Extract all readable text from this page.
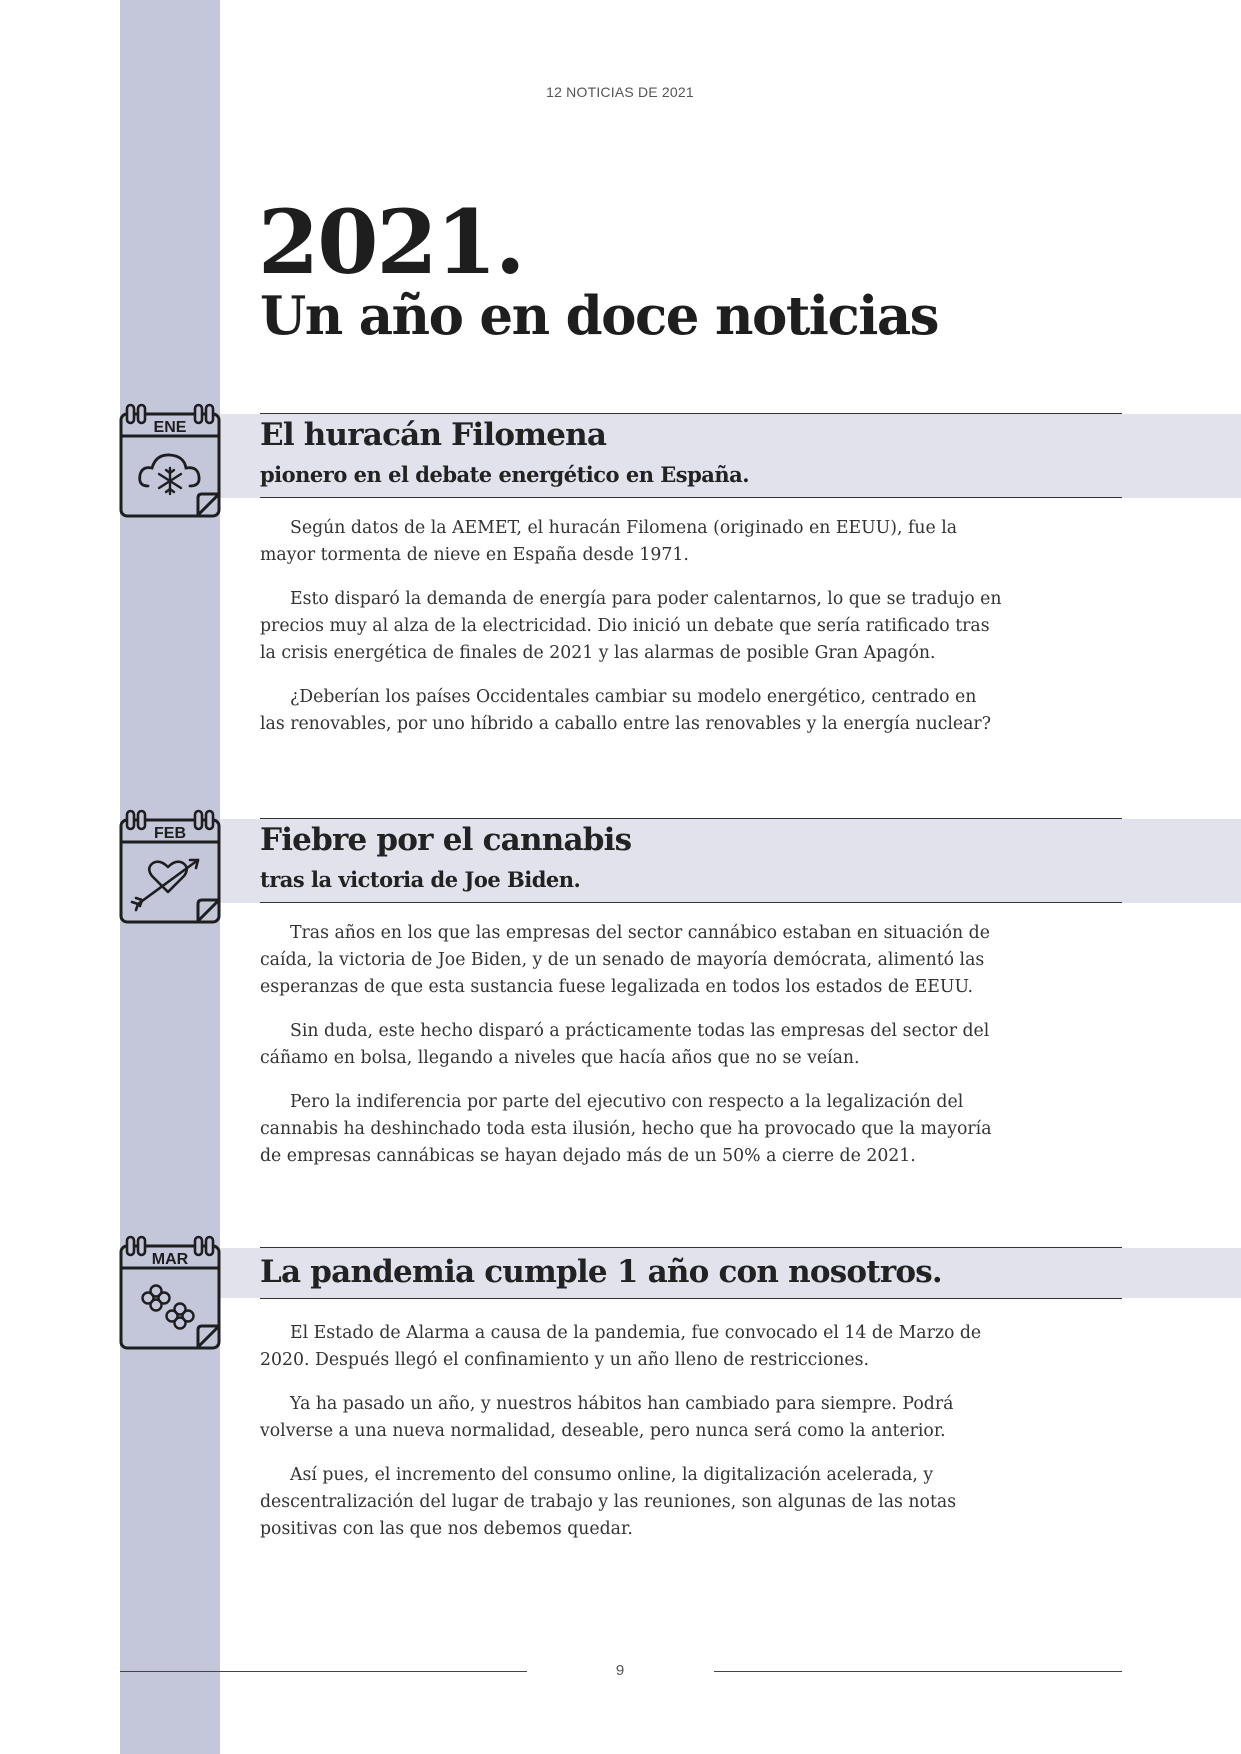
12 NOTICIAS DE 2021
2021.
Un año en doce noticias
El huracán Filomena
pionero en el debate energético en España.
ENE

Según datos de la AEMET, el huracán Filomena (originado en EEUU), fue la mayor tormenta de nieve en España desde 1971.

Esto disparó la demanda de energía para poder calentarnos, lo que se tradujo en precios muy al alza de la electricidad. Dio inició un debate que sería ratificado tras la crisis energética de finales de 2021 y las alarmas de posible Gran Apagón.

¿Deberían los países Occidentales cambiar su modelo energético, centrado en las renovables, por uno híbrido a caballo entre las renovables y la energía nuclear?

Fiebre por el cannabis
tras la victoria de Joe Biden.
FEB

Tras años en los que las empresas del sector cannábico estaban en situación de caída, la victoria de Joe Biden, y de un senado de mayoría demócrata, alimentó las esperanzas de que esta sustancia fuese legalizada en todos los estados de EEUU.

Sin duda, este hecho disparó a prácticamente todas las empresas del sector del cáñamo en bolsa, llegando a niveles que hacía años que no se veían.

Pero la indiferencia por parte del ejecutivo con respecto a la legalización del cannabis ha deshinchado toda esta ilusión, hecho que ha provocado que la mayoría de empresas cannábicas se hayan dejado más de un 50% a cierre de 2021.

La pandemia cumple 1 año con nosotros.
MAR

El Estado de Alarma a causa de la pandemia, fue convocado el 14 de Marzo de 2020. Después llegó el confinamiento y un año lleno de restricciones.

Ya ha pasado un año, y nuestros hábitos han cambiado para siempre. Podrá volverse a una nueva normalidad, deseable, pero nunca será como la anterior.

Así pues, el incremento del consumo online, la digitalización acelerada, y descentralización del lugar de trabajo y las reuniones, son algunas de las notas positivas con las que nos debemos quedar.

9
